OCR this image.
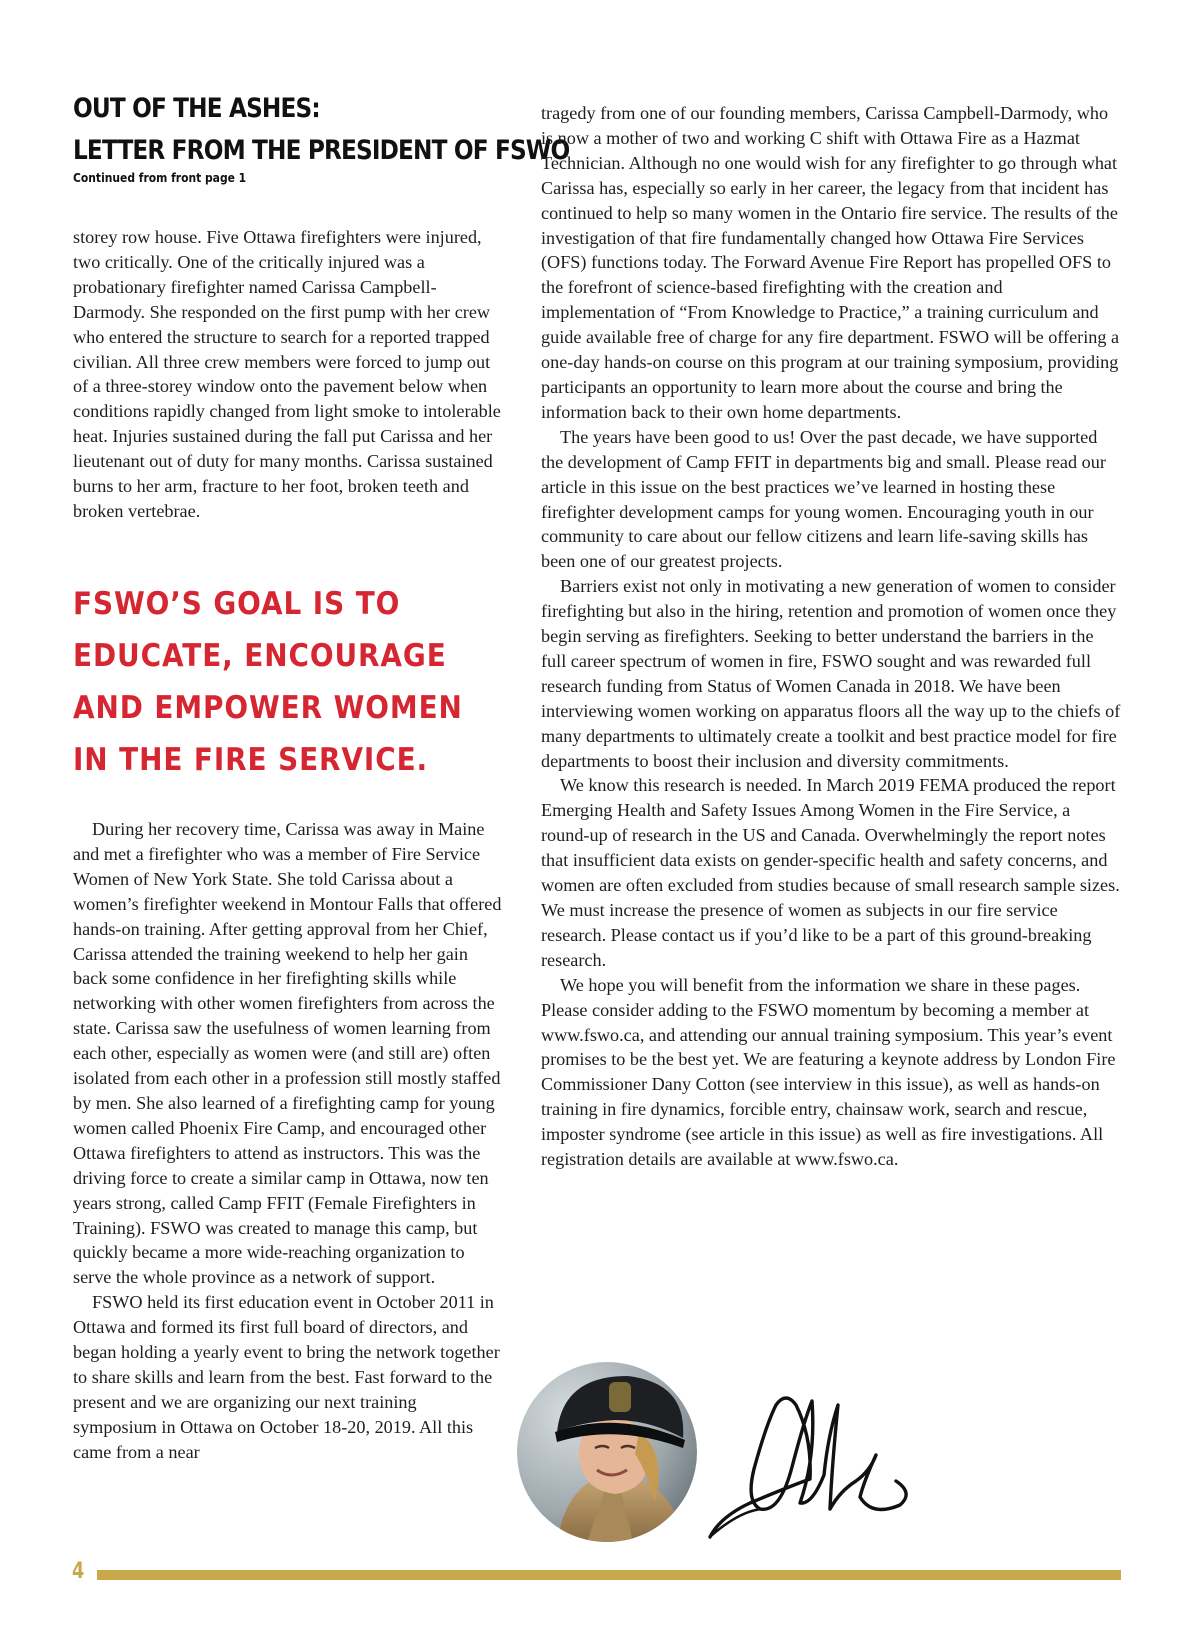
OUT OF THE ASHES:
LETTER FROM THE PRESIDENT OF FSWO

Continued from front page 1

storey row house. Five Ottawa firefighters were injured, two critically. One of the critically injured was a probationary firefighter named Carissa Campbell-Darmody. She responded on the first pump with her crew who entered the structure to search for a reported trapped civilian. All three crew members were forced to jump out of a three-storey window onto the pavement below when conditions rapidly changed from light smoke to intolerable heat. Injuries sustained during the fall put Carissa and her lieutenant out of duty for many months. Carissa sustained burns to her arm, fracture to her foot, broken teeth and broken vertebrae.

FSWO’S GOAL IS TO
EDUCATE, ENCOURAGE
AND EMPOWER WOMEN
IN THE FIRE SERVICE.

During her recovery time, Carissa was away in Maine and met a firefighter who was a member of Fire Service Women of New York State. She told Carissa about a women’s firefighter weekend in Montour Falls that offered hands-on training. After getting approval from her Chief, Carissa attended the training weekend to help her gain back some confidence in her firefighting skills while networking with other women firefighters from across the state. Carissa saw the usefulness of women learning from each other, especially as women were (and still are) often isolated from each other in a profession still mostly staffed by men. She also learned of a firefighting camp for young women called Phoenix Fire Camp, and encouraged other Ottawa firefighters to attend as instructors. This was the driving force to create a similar camp in Ottawa, now ten years strong, called Camp FFIT (Female Firefighters in Training). FSWO was created to manage this camp, but quickly became a more wide-reaching organization to serve the whole province as a network of support.

FSWO held its first education event in October 2011 in Ottawa and formed its first full board of directors, and began holding a yearly event to bring the network together to share skills and learn from the best. Fast forward to the present and we are organizing our next training symposium in Ottawa on October 18-20, 2019. All this came from a near

tragedy from one of our founding members, Carissa Campbell-Darmody, who is now a mother of two and working C shift with Ottawa Fire as a Hazmat Technician. Although no one would wish for any firefighter to go through what Carissa has, especially so early in her career, the legacy from that incident has continued to help so many women in the Ontario fire service. The results of the investigation of that fire fundamentally changed how Ottawa Fire Services (OFS) functions today. The Forward Avenue Fire Report has propelled OFS to the forefront of science-based firefighting with the creation and implementation of “From Knowledge to Practice,” a training curriculum and guide available free of charge for any fire department. FSWO will be offering a one-day hands-on course on this program at our training symposium, providing participants an opportunity to learn more about the course and bring the information back to their own home departments.

The years have been good to us! Over the past decade, we have supported the development of Camp FFIT in departments big and small. Please read our article in this issue on the best practices we’ve learned in hosting these firefighter development camps for young women. Encouraging youth in our community to care about our fellow citizens and learn life-saving skills has been one of our greatest projects.

Barriers exist not only in motivating a new generation of women to consider firefighting but also in the hiring, retention and promotion of women once they begin serving as firefighters. Seeking to better understand the barriers in the full career spectrum of women in fire, FSWO sought and was rewarded full research funding from Status of Women Canada in 2018. We have been interviewing women working on apparatus floors all the way up to the chiefs of many departments to ultimately create a toolkit and best practice model for fire departments to boost their inclusion and diversity commitments.

We know this research is needed. In March 2019 FEMA produced the report Emerging Health and Safety Issues Among Women in the Fire Service, a round-up of research in the US and Canada. Overwhelmingly the report notes that insufficient data exists on gender-specific health and safety concerns, and women are often excluded from studies because of small research sample sizes. We must increase the presence of women as subjects in our fire service research. Please contact us if you’d like to be a part of this ground-breaking research.

We hope you will benefit from the information we share in these pages. Please consider adding to the FSWO momentum by becoming a member at www.fswo.ca, and attending our annual training symposium. This year’s event promises to be the best yet. We are featuring a keynote address by London Fire Commissioner Dany Cotton (see interview in this issue), as well as hands-on training in fire dynamics, forcible entry, chainsaw work, search and rescue, imposter syndrome (see article in this issue) as well as fire investigations. All registration details are available at www.fswo.ca.

4
